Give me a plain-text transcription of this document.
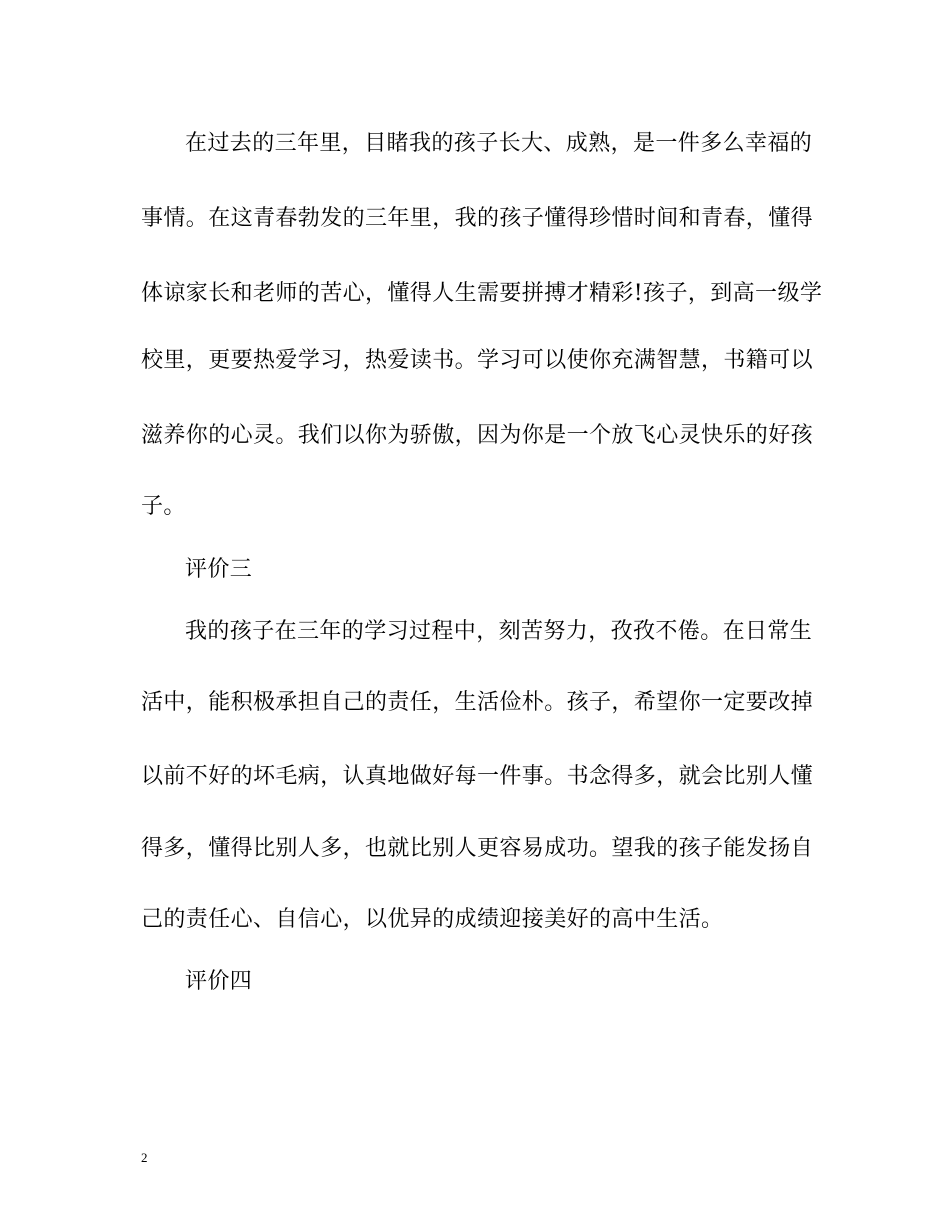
在过去的三年里，目睹我的孩子长大、成熟，是一件多么幸福的
事情。在这青春勃发的三年里，我的孩子懂得珍惜时间和青春，懂得
体谅家长和老师的苦心，懂得人生需要拼搏才精彩!孩子，到高一级学
校里，更要热爱学习，热爱读书。学习可以使你充满智慧，书籍可以
滋养你的心灵。我们以你为骄傲，因为你是一个放飞心灵快乐的好孩
子。
评价三
我的孩子在三年的学习过程中，刻苦努力，孜孜不倦。在日常生
活中，能积极承担自己的责任，生活俭朴。孩子，希望你一定要改掉
以前不好的坏毛病，认真地做好每一件事。书念得多，就会比别人懂
得多，懂得比别人多，也就比别人更容易成功。望我的孩子能发扬自
己的责任心、自信心，以优异的成绩迎接美好的高中生活。
评价四
2
